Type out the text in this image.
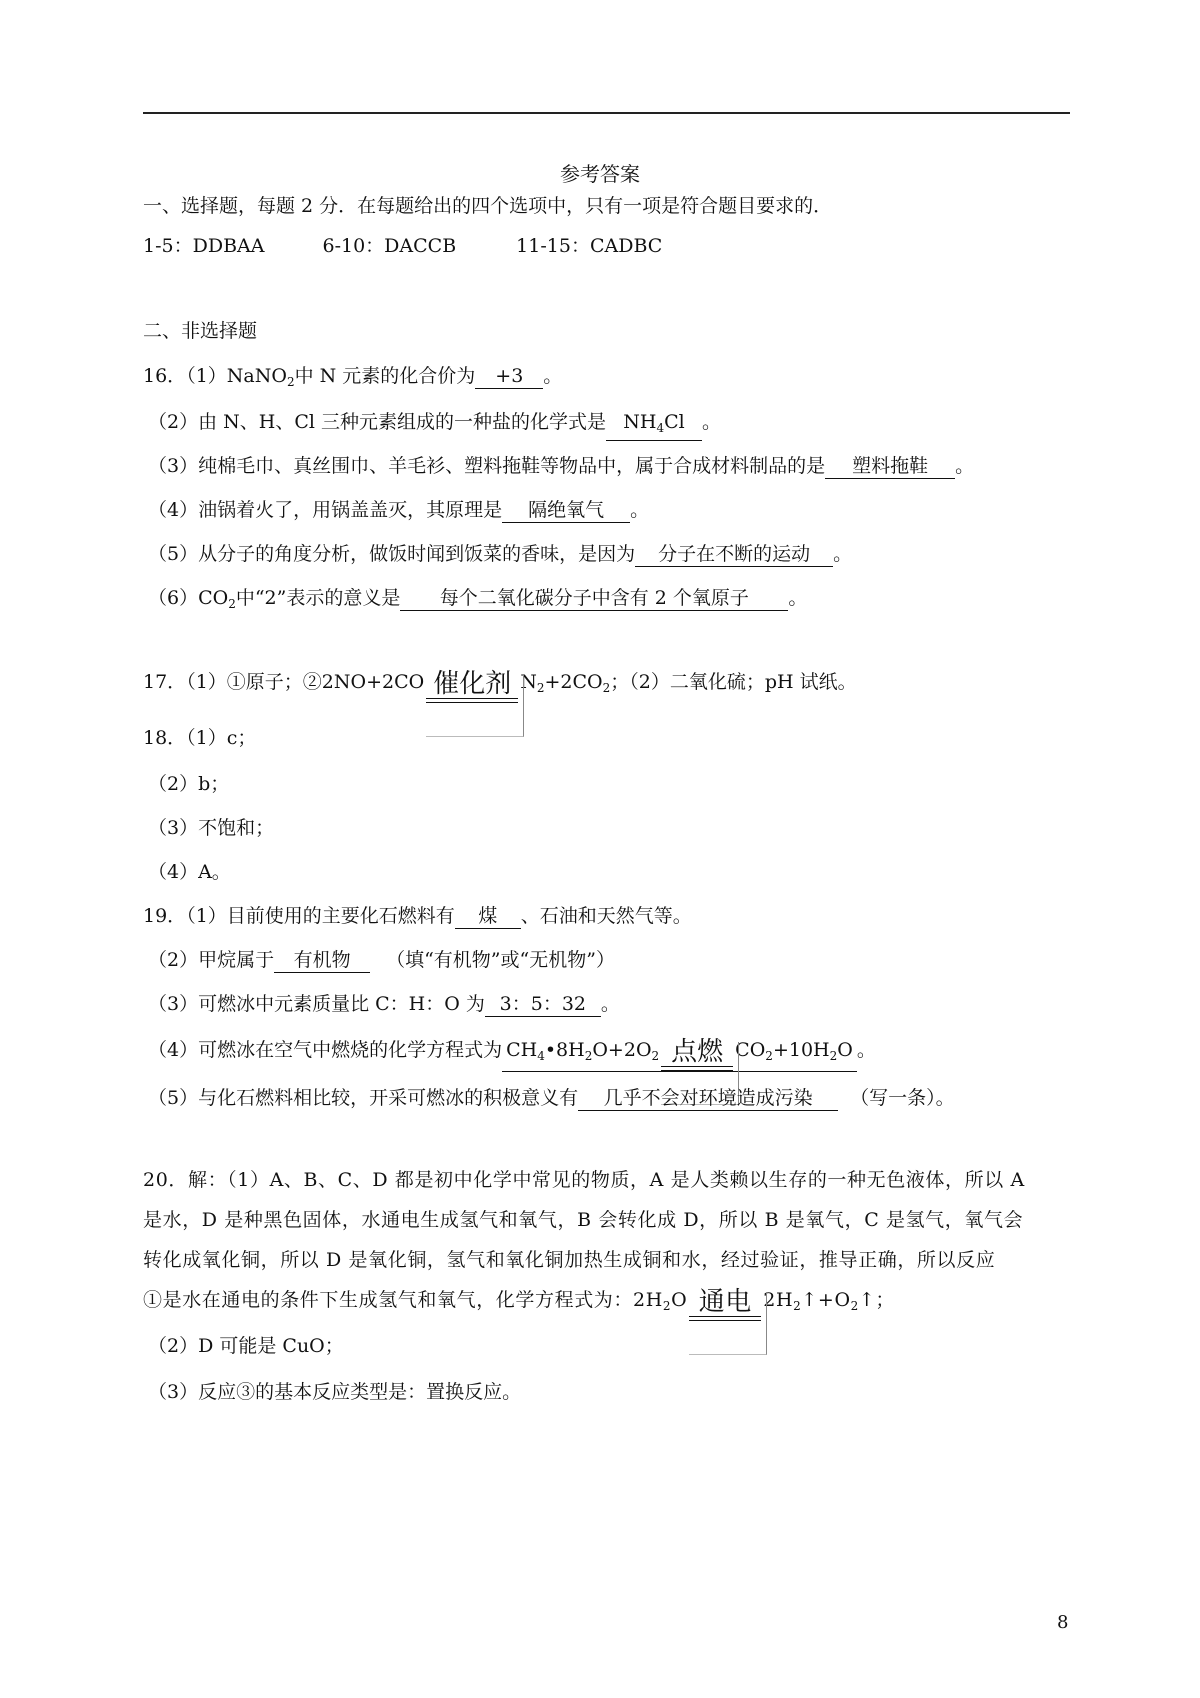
参考答案
一、选择题，每题 2 分．在每题给出的四个选项中，只有一项是符合题目要求的．
1-5：DDBAA	6-10：DACCB	11-15：CADBC
二、非选择题
16．（1）NaNO$_2$中 N 元素的化合价为 +3 。
（2）由 N、H、Cl 三种元素组成的一种盐的化学式是 $NH_4Cl$ 。
（3）纯棉毛巾、真丝围巾、羊毛衫、塑料拖鞋等物品中，属于合成材料制品的是 塑料拖鞋 。
（4）油锅着火了，用锅盖盖灭，其原理是 隔绝氧气 。
（5）从分子的角度分析，做饭时闻到饭菜的香味，是因为 分子在不断的运动 。
$(6)CO_2$中“2”表示的意义是 每个二氧化碳分子中含有 2 个氧原子 。
17．（1）①原子；②2NO+2CO 催化剂 $N_2+2CO_2$；（2）二氧化硫；pH 试纸。
18．（1）c；
（2）b；
（3）不饱和；
（4）A。
19．（1）目前使用的主要化石燃料有 煤 、石油和天然气等。
（2）甲烷属于 有机物 （填“有机物”或“无机物”）
（3）可燃冰中元素质量比 C：H：O 为 3：5：32 。
（4）可燃冰在空气中燃烧的化学方程式为 $CH_4•8H_2O+2O_2$ 点燃 $CO_2+10H_2O$ 。
（5）与化石燃料相比较，开采可燃冰的积极意义有 几乎不会对环境造成污染 （写一条）。
20．解：（1）A、B、C、D 都是初中化学中常见的物质，A 是人类赖以生存的一种无色液体，所以 A
是水，D 是种黑色固体，水通电生成氢气和氧气，B 会转化成 D，所以 B 是氧气，C 是氢气，氧气会
转化成氧化铜，所以 D 是氧化铜，氢气和氧化铜加热生成铜和水，经过验证，推导正确，所以反应
①是水在通电的条件下生成氢气和氧气，化学方程式为：$2H_2O$ 通电 $2H_2↑+O_2↑$；
（2）D 可能是 CuO；
（3）反应③的基本反应类型是：置换反应。
8
